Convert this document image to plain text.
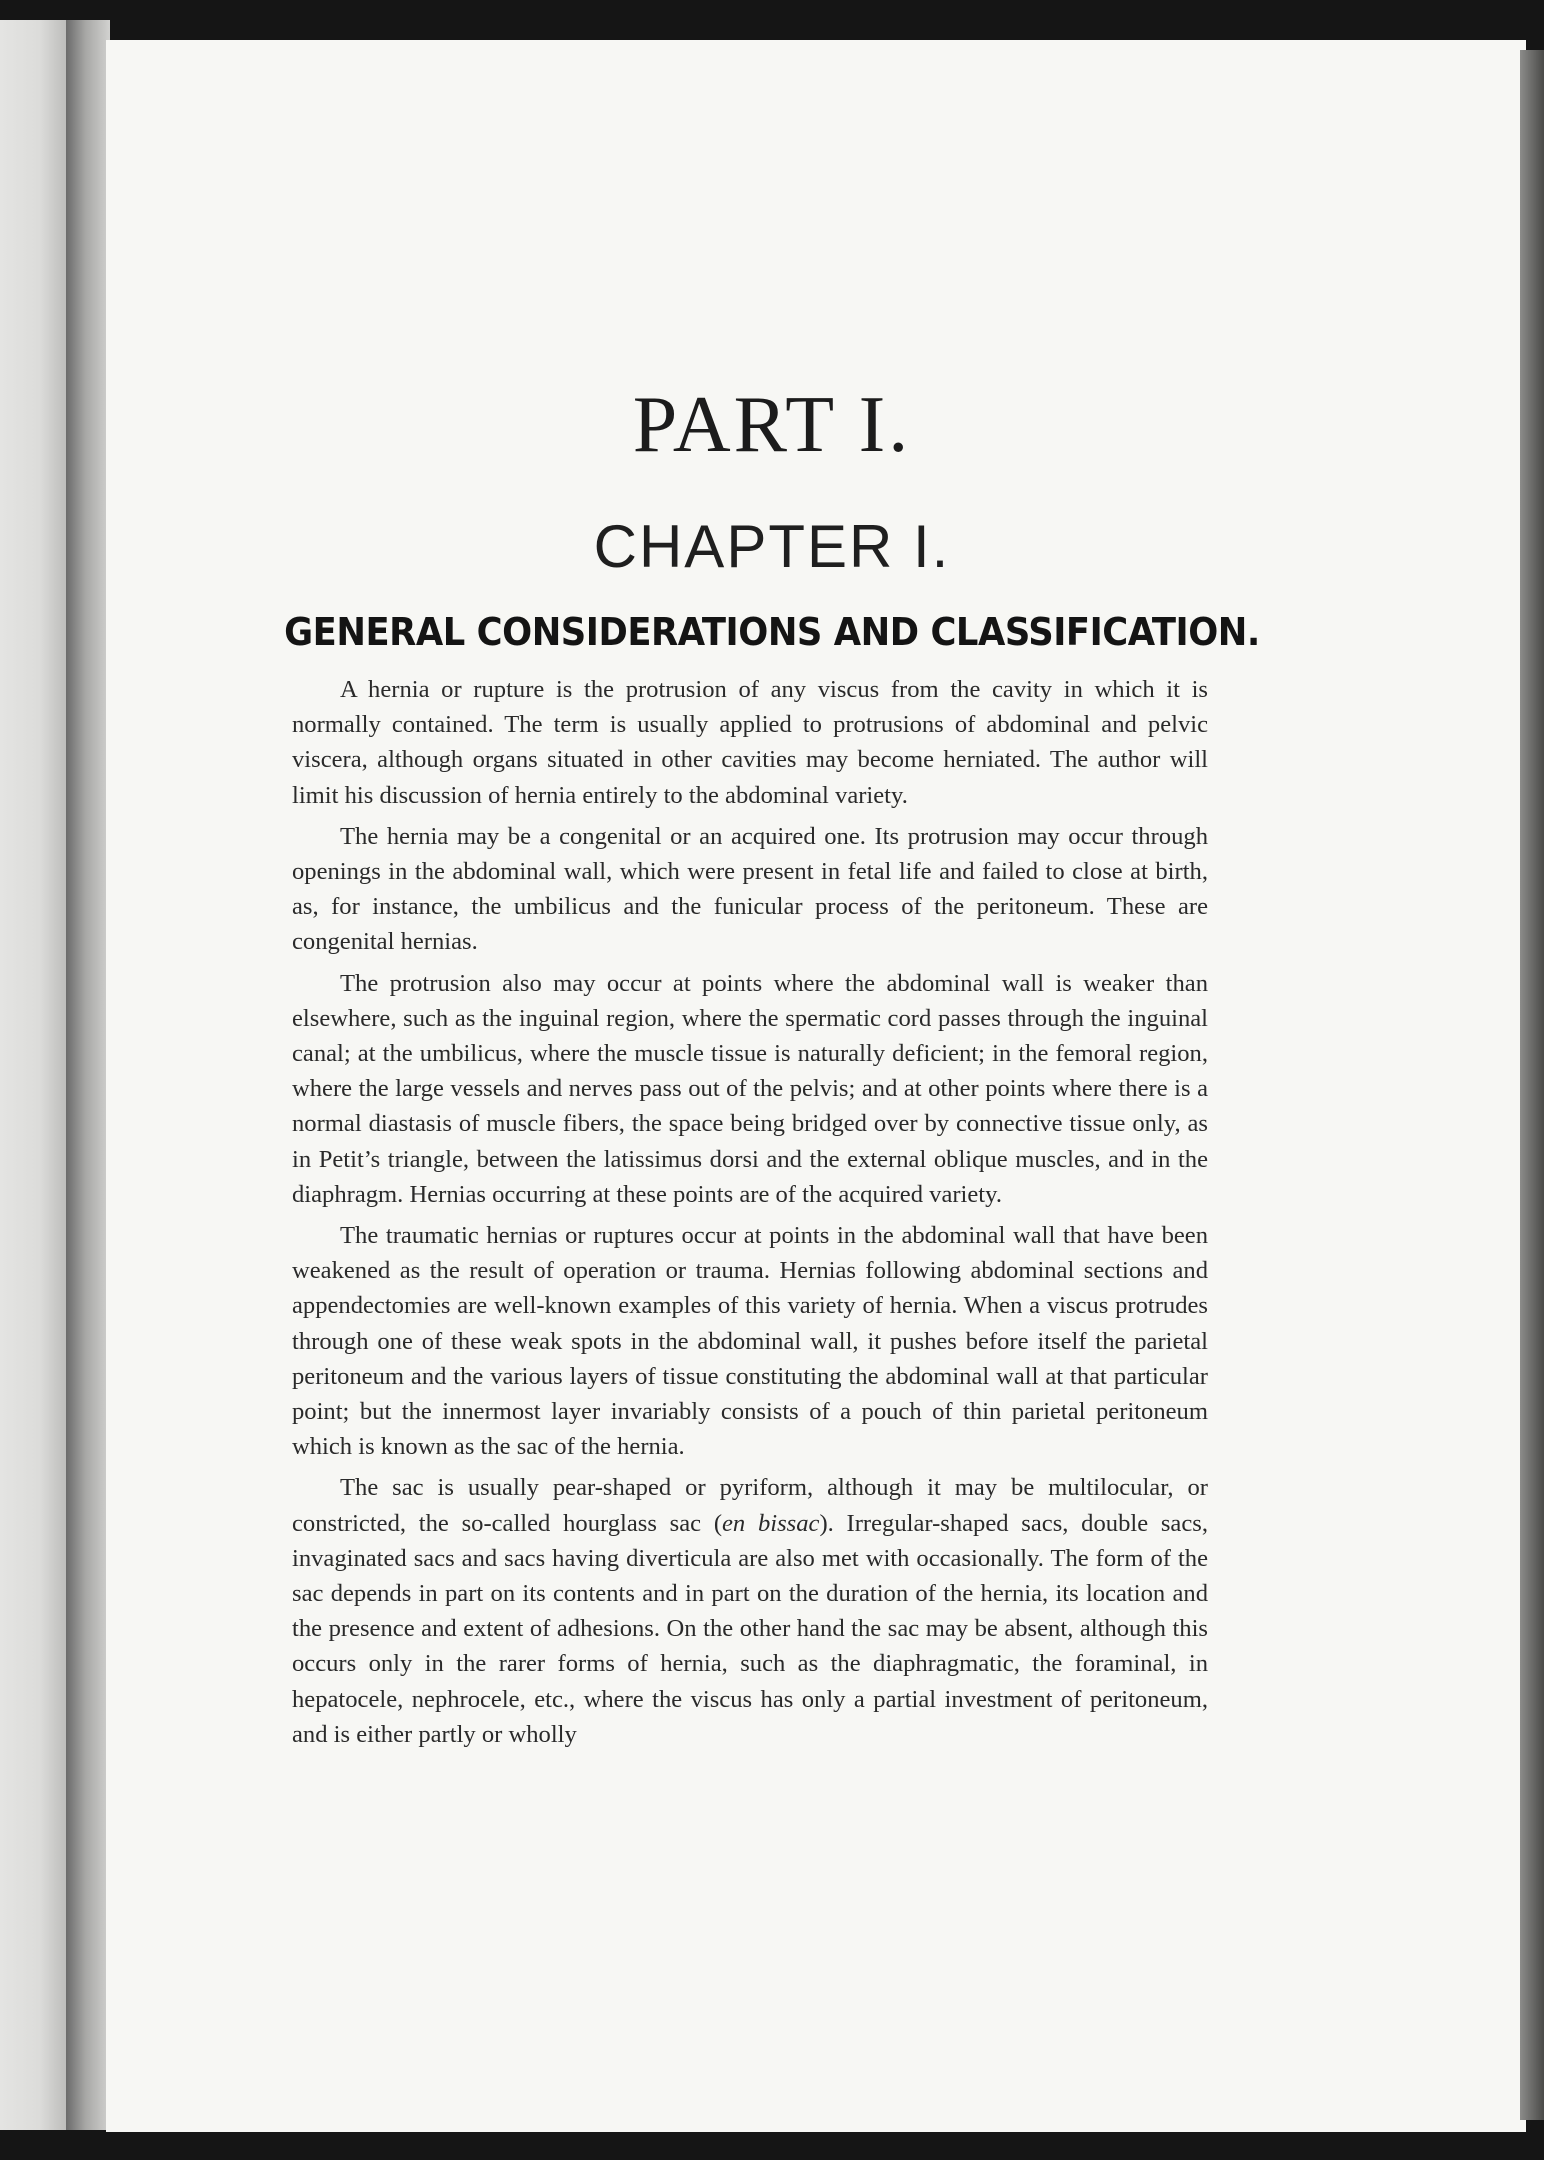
PART I.
CHAPTER I.
GENERAL CONSIDERATIONS AND CLASSIFICATION.

A hernia or rupture is the protrusion of any viscus from the cavity in which it is normally contained. The term is usually applied to protrusions of abdominal and pelvic viscera, although organs situated in other cavities may become herniated. The author will limit his discussion of hernia entirely to the abdominal variety.

The hernia may be a congenital or an acquired one. Its protrusion may occur through openings in the abdominal wall, which were present in fetal life and failed to close at birth, as, for instance, the umbilicus and the funicular process of the peritoneum. These are congenital hernias.

The protrusion also may occur at points where the abdominal wall is weaker than elsewhere, such as the inguinal region, where the spermatic cord passes through the inguinal canal; at the umbilicus, where the muscle tissue is naturally deficient; in the femoral region, where the large vessels and nerves pass out of the pelvis; and at other points where there is a normal diastasis of muscle fibers, the space being bridged over by connective tissue only, as in Petit’s triangle, between the latissimus dorsi and the external oblique muscles, and in the diaphragm. Hernias occurring at these points are of the acquired variety.

The traumatic hernias or ruptures occur at points in the abdominal wall that have been weakened as the result of operation or trauma. Hernias following abdominal sections and appendectomies are well-known examples of this variety of hernia. When a viscus protrudes through one of these weak spots in the abdominal wall, it pushes before itself the parietal peritoneum and the various layers of tissue constituting the abdominal wall at that particular point; but the innermost layer invariably consists of a pouch of thin parietal peritoneum which is known as the sac of the hernia.

The sac is usually pear-shaped or pyriform, although it may be multilocular, or constricted, the so-called hourglass sac (en bissac). Irregular-shaped sacs, double sacs, invaginated sacs and sacs having diverticula are also met with occasionally. The form of the sac depends in part on its contents and in part on the duration of the hernia, its location and the presence and extent of adhesions. On the other hand the sac may be absent, although this occurs only in the rarer forms of hernia, such as the diaphragmatic, the foraminal, in hepatocele, nephrocele, etc., where the viscus has only a partial investment of peritoneum, and is either partly or wholly
